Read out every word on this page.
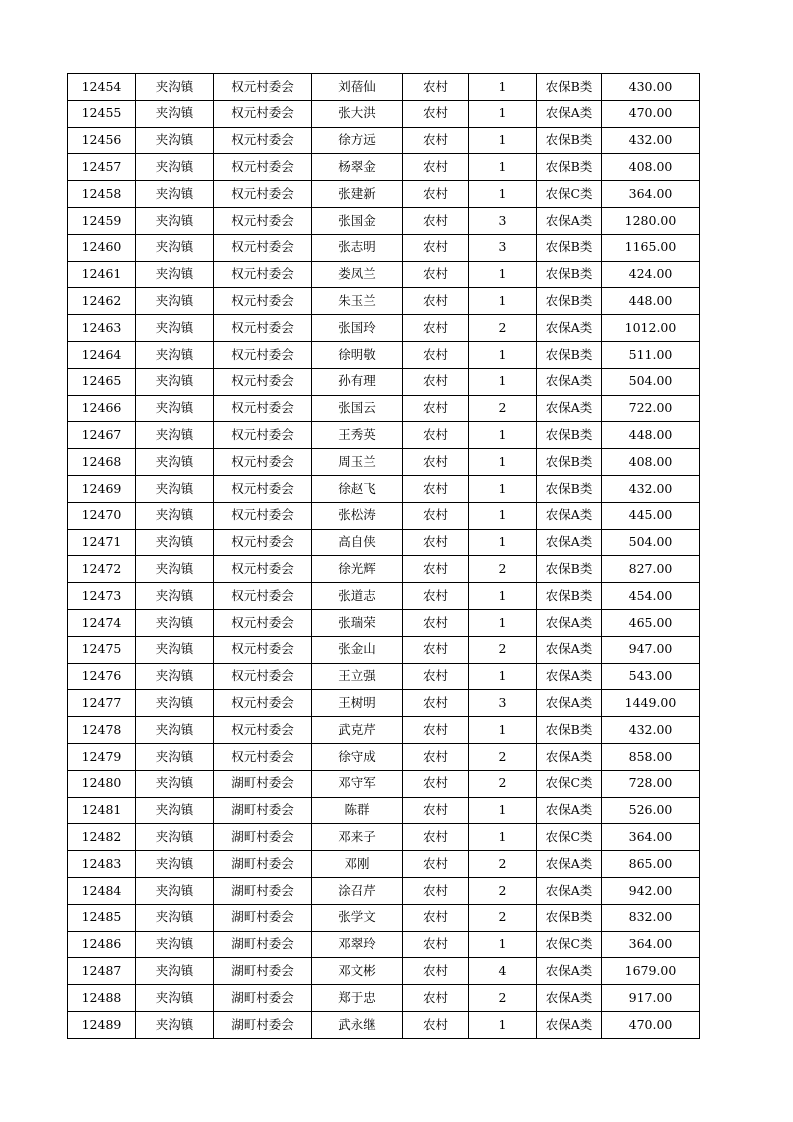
12454	夹沟镇	权元村委会	刘蓓仙	农村	1	农保B类	430.00
12455	夹沟镇	权元村委会	张大洪	农村	1	农保A类	470.00
12456	夹沟镇	权元村委会	徐方远	农村	1	农保B类	432.00
12457	夹沟镇	权元村委会	杨翠金	农村	1	农保B类	408.00
12458	夹沟镇	权元村委会	张建新	农村	1	农保C类	364.00
12459	夹沟镇	权元村委会	张国金	农村	3	农保A类	1280.00
12460	夹沟镇	权元村委会	张志明	农村	3	农保B类	1165.00
12461	夹沟镇	权元村委会	娄凤兰	农村	1	农保B类	424.00
12462	夹沟镇	权元村委会	朱玉兰	农村	1	农保B类	448.00
12463	夹沟镇	权元村委会	张国玲	农村	2	农保A类	1012.00
12464	夹沟镇	权元村委会	徐明敬	农村	1	农保B类	511.00
12465	夹沟镇	权元村委会	孙有理	农村	1	农保A类	504.00
12466	夹沟镇	权元村委会	张国云	农村	2	农保A类	722.00
12467	夹沟镇	权元村委会	王秀英	农村	1	农保B类	448.00
12468	夹沟镇	权元村委会	周玉兰	农村	1	农保B类	408.00
12469	夹沟镇	权元村委会	徐赵飞	农村	1	农保B类	432.00
12470	夹沟镇	权元村委会	张松涛	农村	1	农保A类	445.00
12471	夹沟镇	权元村委会	高自侠	农村	1	农保A类	504.00
12472	夹沟镇	权元村委会	徐光辉	农村	2	农保B类	827.00
12473	夹沟镇	权元村委会	张道志	农村	1	农保B类	454.00
12474	夹沟镇	权元村委会	张瑞荣	农村	1	农保A类	465.00
12475	夹沟镇	权元村委会	张金山	农村	2	农保A类	947.00
12476	夹沟镇	权元村委会	王立强	农村	1	农保A类	543.00
12477	夹沟镇	权元村委会	王树明	农村	3	农保A类	1449.00
12478	夹沟镇	权元村委会	武克芹	农村	1	农保B类	432.00
12479	夹沟镇	权元村委会	徐守成	农村	2	农保A类	858.00
12480	夹沟镇	湖町村委会	邓守军	农村	2	农保C类	728.00
12481	夹沟镇	湖町村委会	陈群	农村	1	农保A类	526.00
12482	夹沟镇	湖町村委会	邓来子	农村	1	农保C类	364.00
12483	夹沟镇	湖町村委会	邓刚	农村	2	农保A类	865.00
12484	夹沟镇	湖町村委会	涂召芹	农村	2	农保A类	942.00
12485	夹沟镇	湖町村委会	张学文	农村	2	农保B类	832.00
12486	夹沟镇	湖町村委会	邓翠玲	农村	1	农保C类	364.00
12487	夹沟镇	湖町村委会	邓文彬	农村	4	农保A类	1679.00
12488	夹沟镇	湖町村委会	郑于忠	农村	2	农保A类	917.00
12489	夹沟镇	湖町村委会	武永继	农村	1	农保A类	470.00
